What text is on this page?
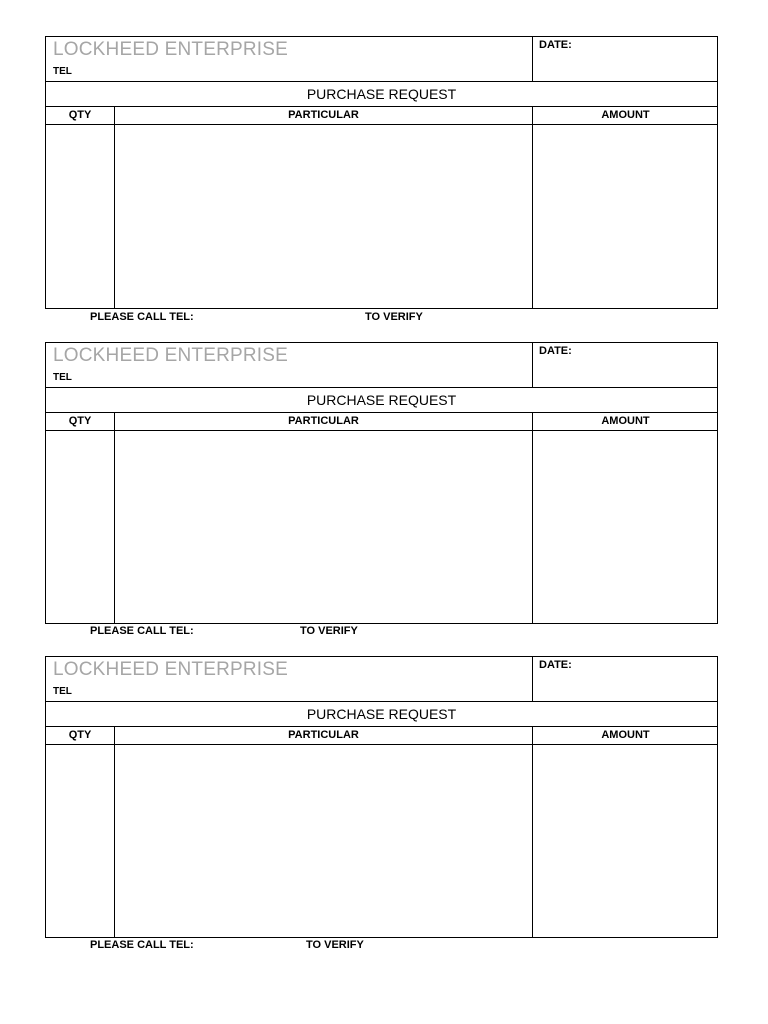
LOCKHEED ENTERPRISE
TEL
DATE:
PURCHASE REQUEST
QTY	PARTICULAR	AMOUNT
PLEASE CALL TEL:	TO VERIFY
LOCKHEED ENTERPRISE
TEL
DATE:
PURCHASE REQUEST
QTY	PARTICULAR	AMOUNT
PLEASE CALL TEL:	TO VERIFY
LOCKHEED ENTERPRISE
TEL
DATE:
PURCHASE REQUEST
QTY	PARTICULAR	AMOUNT
PLEASE CALL TEL:	TO VERIFY
